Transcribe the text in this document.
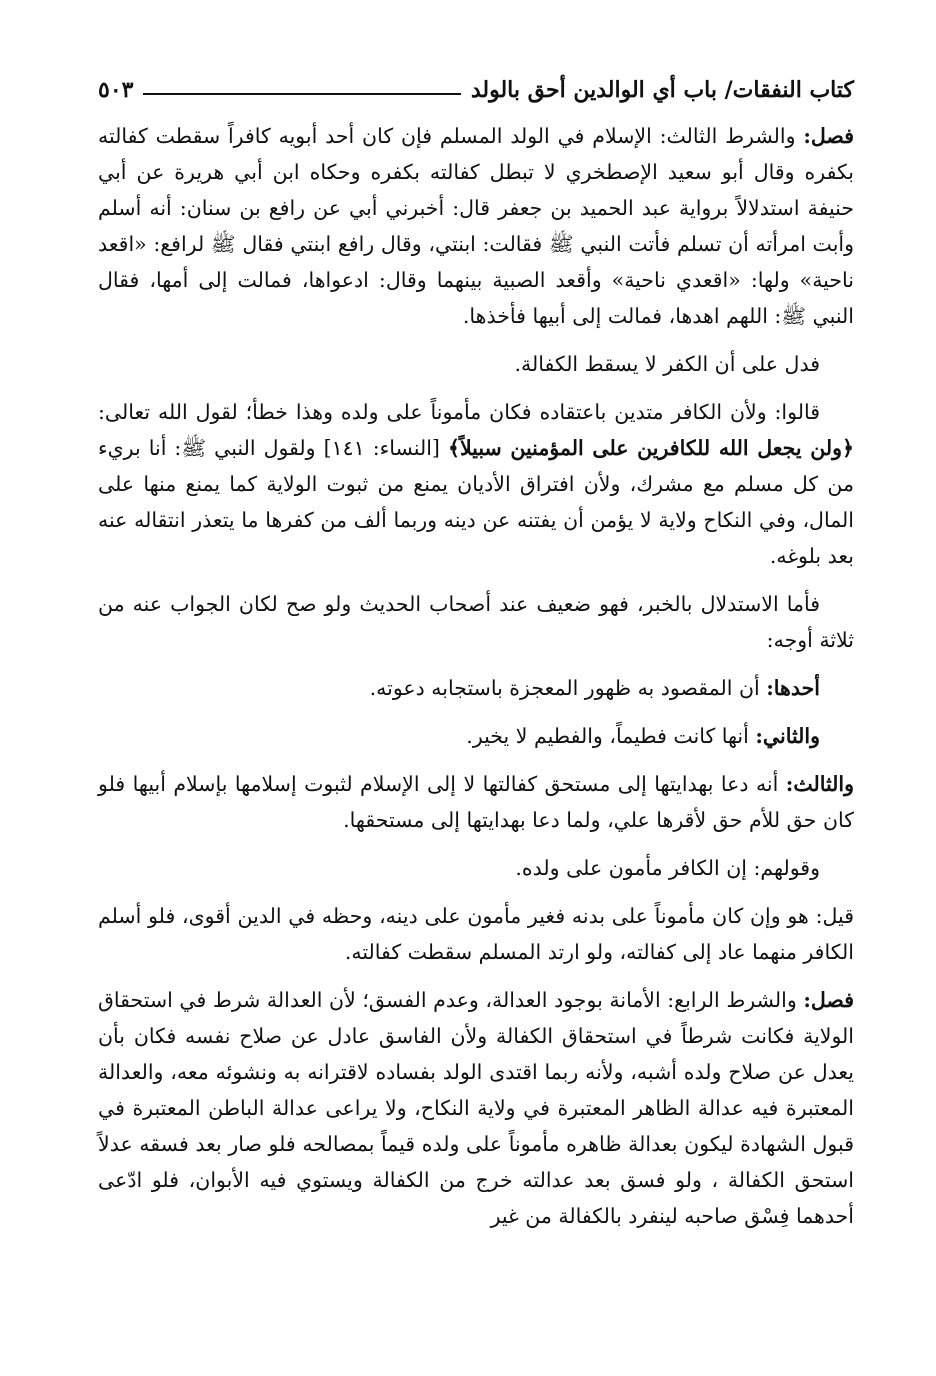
كتاب النفقات/ باب أي الوالدين أحق بالولد
٥٠٣

فصل: والشرط الثالث: الإسلام في الولد المسلم فإن كان أحد أبويه كافراً سقطت كفالته بكفره وقال أبو سعيد الإصطخري لا تبطل كفالته بكفره وحكاه ابن أبي هريرة عن أبي حنيفة استدلالاً برواية عبد الحميد بن جعفر قال: أخبرني أبي عن رافع بن سنان: أنه أسلم وأبت امرأته أن تسلم فأتت النبي ﷺ فقالت: ابنتي، وقال رافع ابنتي فقال ﷺ لرافع: «اقعد ناحية» ولها: «اقعدي ناحية» وأقعد الصبية بينهما وقال: ادعواها، فمالت إلى أمها، فقال النبي ﷺ: اللهم اهدها، فمالت إلى أبيها فأخذها.

فدل على أن الكفر لا يسقط الكفالة.

قالوا: ولأن الكافر متدين باعتقاده فكان مأموناً على ولده وهذا خطأ؛ لقول الله تعالى: ﴿ولن يجعل الله للكافرين على المؤمنين سبيلاً﴾ [النساء: ١٤١] ولقول النبي ﷺ: أنا بريء من كل مسلم مع مشرك، ولأن افتراق الأديان يمنع من ثبوت الولاية كما يمنع منها على المال، وفي النكاح ولاية لا يؤمن أن يفتنه عن دينه وربما ألف من كفرها ما يتعذر انتقاله عنه بعد بلوغه.

فأما الاستدلال بالخبر، فهو ضعيف عند أصحاب الحديث ولو صح لكان الجواب عنه من ثلاثة أوجه:

أحدها: أن المقصود به ظهور المعجزة باستجابه دعوته.

والثاني: أنها كانت فطيماً، والفطيم لا يخير.

والثالث: أنه دعا بهدايتها إلى مستحق كفالتها لا إلى الإسلام لثبوت إسلامها بإسلام أبيها فلو كان حق للأم حق لأقرها علي، ولما دعا بهدايتها إلى مستحقها.

وقولهم: إن الكافر مأمون على ولده.

قيل: هو وإن كان مأموناً على بدنه فغير مأمون على دينه، وحظه في الدين أقوى، فلو أسلم الكافر منهما عاد إلى كفالته، ولو ارتد المسلم سقطت كفالته.

فصل: والشرط الرابع: الأمانة بوجود العدالة، وعدم الفسق؛ لأن العدالة شرط في استحقاق الولاية فكانت شرطاً في استحقاق الكفالة ولأن الفاسق عادل عن صلاح نفسه فكان بأن يعدل عن صلاح ولده أشبه، ولأنه ربما اقتدى الولد بفساده لاقترانه به ونشوئه معه، والعدالة المعتبرة فيه عدالة الظاهر المعتبرة في ولاية النكاح، ولا يراعى عدالة الباطن المعتبرة في قبول الشهادة ليكون بعدالة ظاهره مأموناً على ولده قيماً بمصالحه فلو صار بعد فسقه عدلاً استحق الكفالة ، ولو فسق بعد عدالته خرج من الكفالة ويستوي فيه الأبوان، فلو ادّعى أحدهما فِسْق صاحبه لينفرد بالكفالة من غير
